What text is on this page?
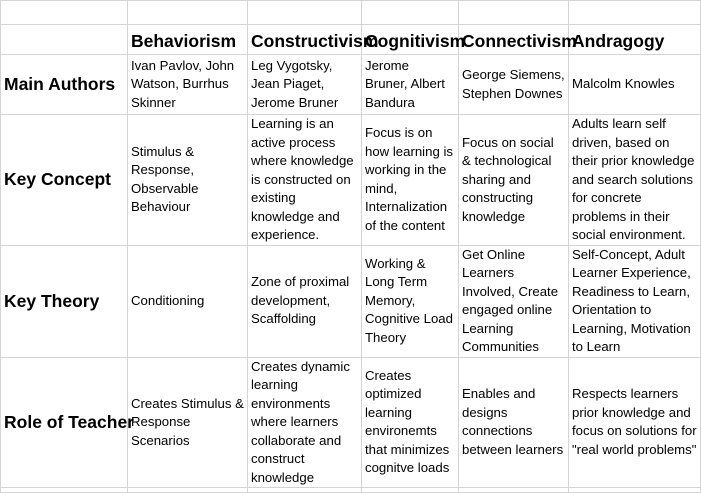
	Behaviorism	Constructivism	Cognitivism	Connectivism	Andragogy
Main Authors	Ivan Pavlov, John Watson, Burrhus Skinner	Leg Vygotsky, Jean Piaget, Jerome Bruner	Jerome Bruner, Albert Bandura	George Siemens, Stephen Downes	Malcolm Knowles
Key Concept	Stimulus & Response, Observable Behaviour	Learning is an active process where knowledge is constructed on existing knowledge and experience.	Focus is on how learning is working in the mind, Internalization of the content	Focus on social & technological sharing and constructing knowledge	Adults learn self driven, based on their prior knowledge and search solutions for concrete problems in their social environment.
Key Theory	Conditioning	Zone of proximal development, Scaffolding	Working & Long Term Memory, Cognitive Load Theory	Get Online Learners Involved, Create engaged online Learning Communities	Self-Concept, Adult Learner Experience, Readiness to Learn, Orientation to Learning, Motivation to Learn
Role of Teacher	Creates Stimulus & Response Scenarios	Creates dynamic learning environments where learners collaborate and construct knowledge	Creates optimized learning environemts that minimizes cognitve loads	Enables and designs connections between learners	Respects learners prior knowledge and focus on solutions for "real world problems"
